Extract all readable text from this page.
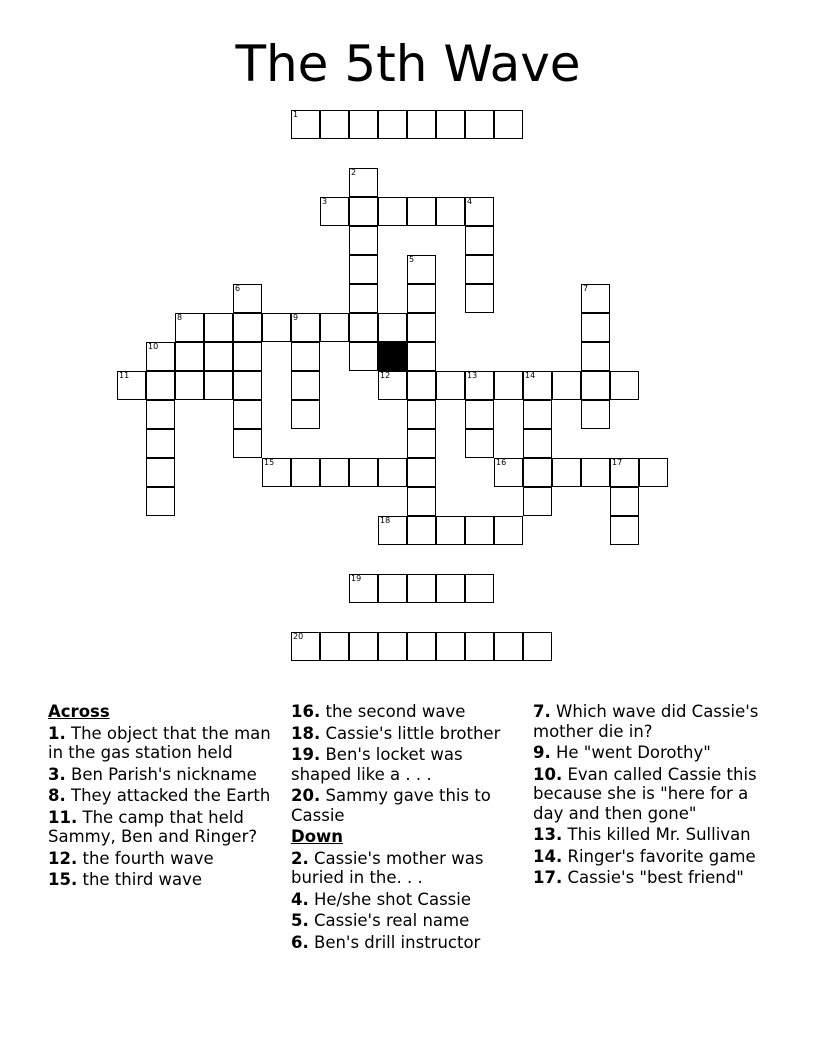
The 5th Wave
1
2
3	4
5
6	7
8	9
10
11	12	13	14
15	16	17
18
19
20
Across
1. The object that the man in the gas station held
3. Ben Parish's nickname
8. They attacked the Earth
11. The camp that held Sammy, Ben and Ringer?
12. the fourth wave
15. the third wave
16. the second wave
18. Cassie's little brother
19. Ben's locket was shaped like a . . .
20. Sammy gave this to Cassie
Down
2. Cassie's mother was buried in the. . .
4. He/she shot Cassie
5. Cassie's real name
6. Ben's drill instructor
7. Which wave did Cassie's mother die in?
9. He "went Dorothy"
10. Evan called Cassie this because she is "here for a day and then gone"
13. This killed Mr. Sullivan
14. Ringer's favorite game
17. Cassie's "best friend"
